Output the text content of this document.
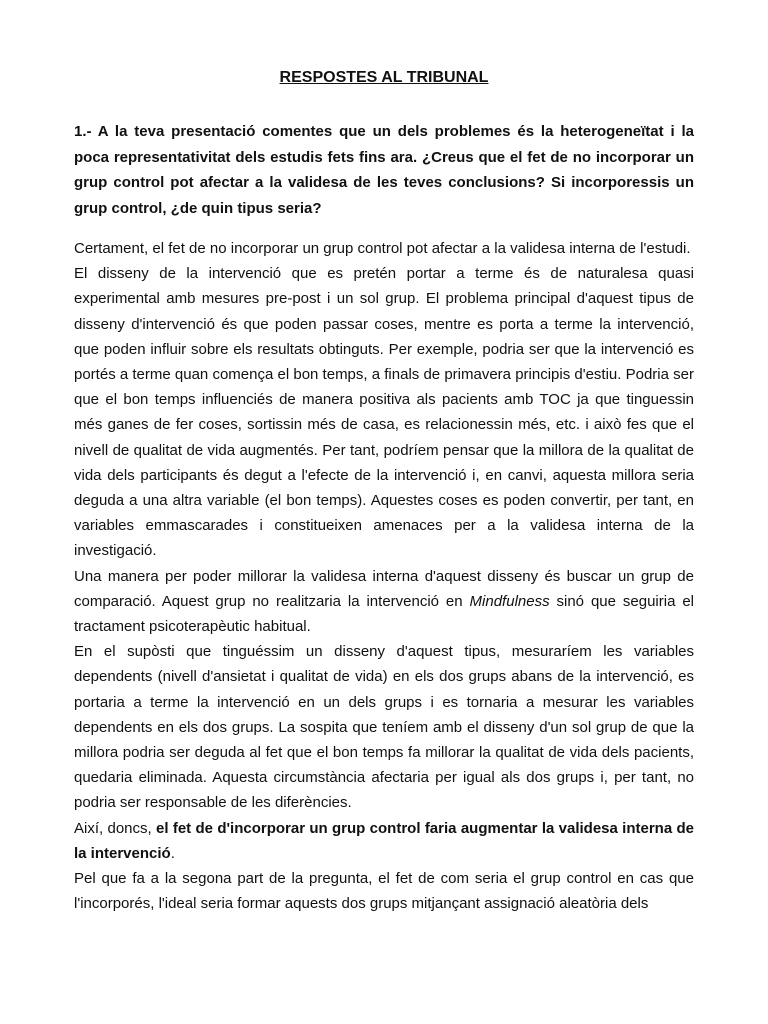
RESPOSTES AL TRIBUNAL

1.- A la teva presentació comentes que un dels problemes és la heterogeneïtat i la poca representativitat dels estudis fets fins ara. ¿Creus que el fet de no incorporar un grup control pot afectar a la validesa de les teves conclusions? Si incorporessis un grup control, ¿de quin tipus seria?

Certament, el fet de no incorporar un grup control pot afectar a la validesa interna de l'estudi.

El disseny de la intervenció que es pretén portar a terme és de naturalesa quasi experimental amb mesures pre-post i un sol grup. El problema principal d'aquest tipus de disseny d'intervenció és que poden passar coses, mentre es porta a terme la intervenció, que poden influir sobre els resultats obtinguts. Per exemple, podria ser que la intervenció es portés a terme quan comença el bon temps, a finals de primavera principis d'estiu. Podria ser que el bon temps influenciés de manera positiva als pacients amb TOC ja que tinguessin més ganes de fer coses, sortissin més de casa, es relacionessin més, etc. i això fes que el nivell de qualitat de vida augmentés. Per tant, podríem pensar que la millora de la qualitat de vida dels participants és degut a l'efecte de la intervenció i, en canvi, aquesta millora seria deguda a una altra variable (el bon temps). Aquestes coses es poden convertir, per tant, en variables emmascarades i constitueixen amenaces per a la validesa interna de la investigació.

Una manera per poder millorar la validesa interna d'aquest disseny és buscar un grup de comparació. Aquest grup no realitzaria la intervenció en Mindfulness sinó que seguiria el tractament psicoterapèutic habitual.

En el supòsti que tinguéssim un disseny d'aquest tipus, mesuraríem les variables dependents (nivell d'ansietat i qualitat de vida) en els dos grups abans de la intervenció, es portaria a terme la intervenció en un dels grups i es tornaria a mesurar les variables dependents en els dos grups. La sospita que teníem amb el disseny d'un sol grup de que la millora podria ser deguda al fet que el bon temps fa millorar la qualitat de vida dels pacients, quedaria eliminada. Aquesta circumstància afectaria per igual als dos grups i, per tant, no podria ser responsable de les diferències.

Així, doncs, el fet de d'incorporar un grup control faria augmentar la validesa interna de la intervenció.

Pel que fa a la segona part de la pregunta, el fet de com seria el grup control en cas que l'incorporés, l'ideal seria formar aquests dos grups mitjançant assignació aleatòria dels
